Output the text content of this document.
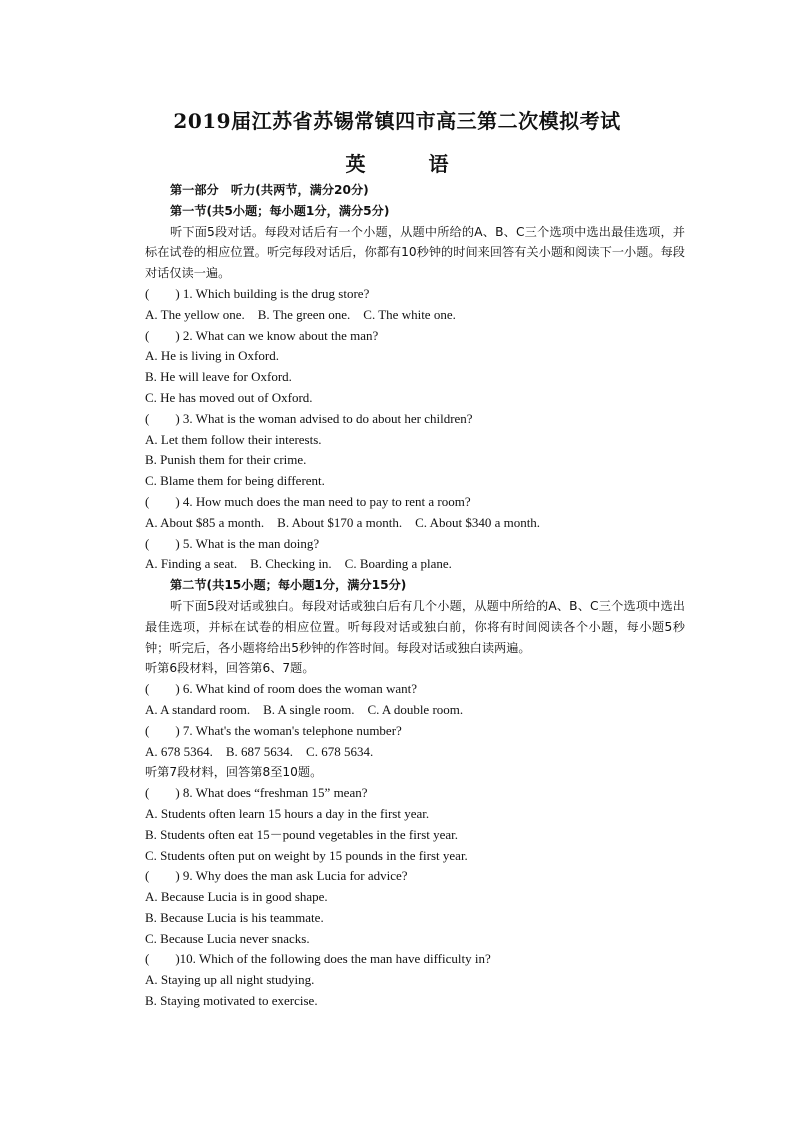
2019届江苏省苏锡常镇四市高三第二次模拟考试
英 语
第一部分　听力(共两节，满分20分)
第一节(共5小题；每小题1分，满分5分)
听下面5段对话。每段对话后有一个小题，从题中所给的A、B、C三个选项中选出最佳选项，并标在试卷的相应位置。听完每段对话后，你都有10秒钟的时间来回答有关小题和阅读下一小题。每段对话仅读一遍。
(　　) 1. Which building is the drug store?
A. The yellow one.　B. The green one.　C. The white one.
(　　) 2. What can we know about the man?
A. He is living in Oxford.
B. He will leave for Oxford.
C. He has moved out of Oxford.
(　　) 3. What is the woman advised to do about her children?
A. Let them follow their interests.
B. Punish them for their crime.
C. Blame them for being different.
(　　) 4. How much does the man need to pay to rent a room?
A. About $85 a month.　B. About $170 a month.　C. About $340 a month.
(　　) 5. What is the man doing?
A. Finding a seat.　B. Checking in.　C. Boarding a plane.
第二节(共15小题；每小题1分，满分15分)
听下面5段对话或独白。每段对话或独白后有几个小题，从题中所给的A、B、C三个选项中选出最佳选项，并标在试卷的相应位置。听每段对话或独白前，你将有时间阅读各个小题，每小题5秒钟；听完后，各小题将给出5秒钟的作答时间。每段对话或独白读两遍。
听第6段材料，回答第6、7题。
(　　) 6. What kind of room does the woman want?
A. A standard room.　B. A single room.　C. A double room.
(　　) 7. What's the woman's telephone number?
A. 678 5364.　B. 687 5634.　C. 678 5634.
听第7段材料，回答第8至10题。
(　　) 8. What does “freshman 15” mean?
A. Students often learn 15 hours a day in the first year.
B. Students often eat 15－pound vegetables in the first year.
C. Students often put on weight by 15 pounds in the first year.
(　　) 9. Why does the man ask Lucia for advice?
A. Because Lucia is in good shape.
B. Because Lucia is his teammate.
C. Because Lucia never snacks.
(　　)10. Which of the following does the man have difficulty in?
A. Staying up all night studying.
B. Staying motivated to exercise.
